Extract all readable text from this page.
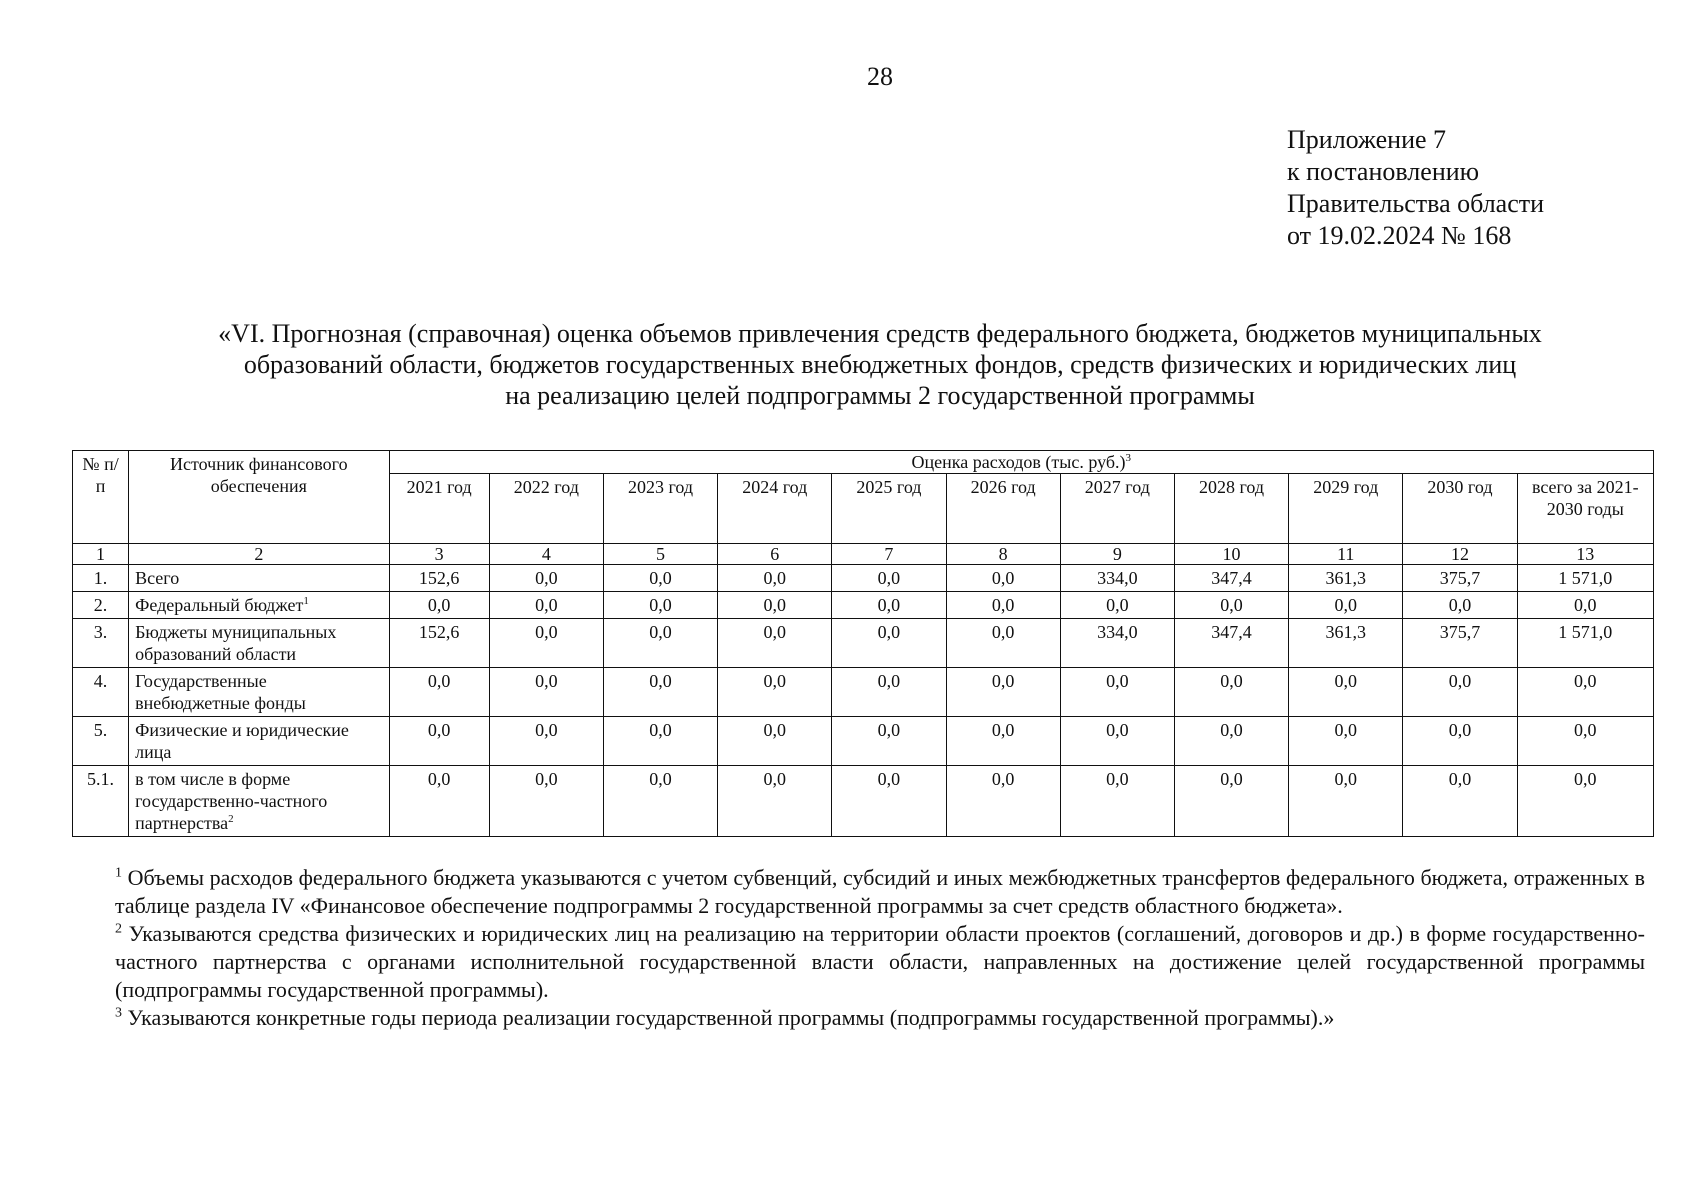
28
Приложение 7
к постановлению
Правительства области
от 19.02.2024 № 168
«VI. Прогнозная (справочная) оценка объемов привлечения средств федерального бюджета, бюджетов муниципальных
образований области, бюджетов государственных внебюджетных фондов, средств физических и юридических лиц
на реализацию целей подпрограммы 2 государственной программы
№ п/п	Источник финансового обеспечения	Оценка расходов (тыс. руб.)$^3$
		2021 год	2022 год	2023 год	2024 год	2025 год	2026 год	2027 год	2028 год	2029 год	2030 год	всего за 2021-2030 годы
1	2	3	4	5	6	7	8	9	10	11	12	13
1.	Всего	152,6	0,0	0,0	0,0	0,0	0,0	334,0	347,4	361,3	375,7	1 571,0
2.	Федеральный бюджет$^1$	0,0	0,0	0,0	0,0	0,0	0,0	0,0	0,0	0,0	0,0	0,0
3.	Бюджеты муниципальных образований области	152,6	0,0	0,0	0,0	0,0	0,0	334,0	347,4	361,3	375,7	1 571,0
4.	Государственные внебюджетные фонды	0,0	0,0	0,0	0,0	0,0	0,0	0,0	0,0	0,0	0,0	0,0
5.	Физические и юридические лица	0,0	0,0	0,0	0,0	0,0	0,0	0,0	0,0	0,0	0,0	0,0
5.1.	в том числе в форме государственно-частного партнерства$^2$	0,0	0,0	0,0	0,0	0,0	0,0	0,0	0,0	0,0	0,0	0,0

$^1$ Объемы расходов федерального бюджета указываются с учетом субвенций, субсидий и иных межбюджетных трансфертов федерального бюджета, отраженных в таблице раздела IV «Финансовое обеспечение подпрограммы 2 государственной программы за счет средств областного бюджета».

$^2$ Указываются средства физических и юридических лиц на реализацию на территории области проектов (соглашений, договоров и др.) в форме государственно-частного партнерства с органами исполнительной государственной власти области, направленных на достижение целей государственной программы (подпрограммы государственной программы).

$^3$ Указываются конкретные годы периода реализации государственной программы (подпрограммы государственной программы).»
